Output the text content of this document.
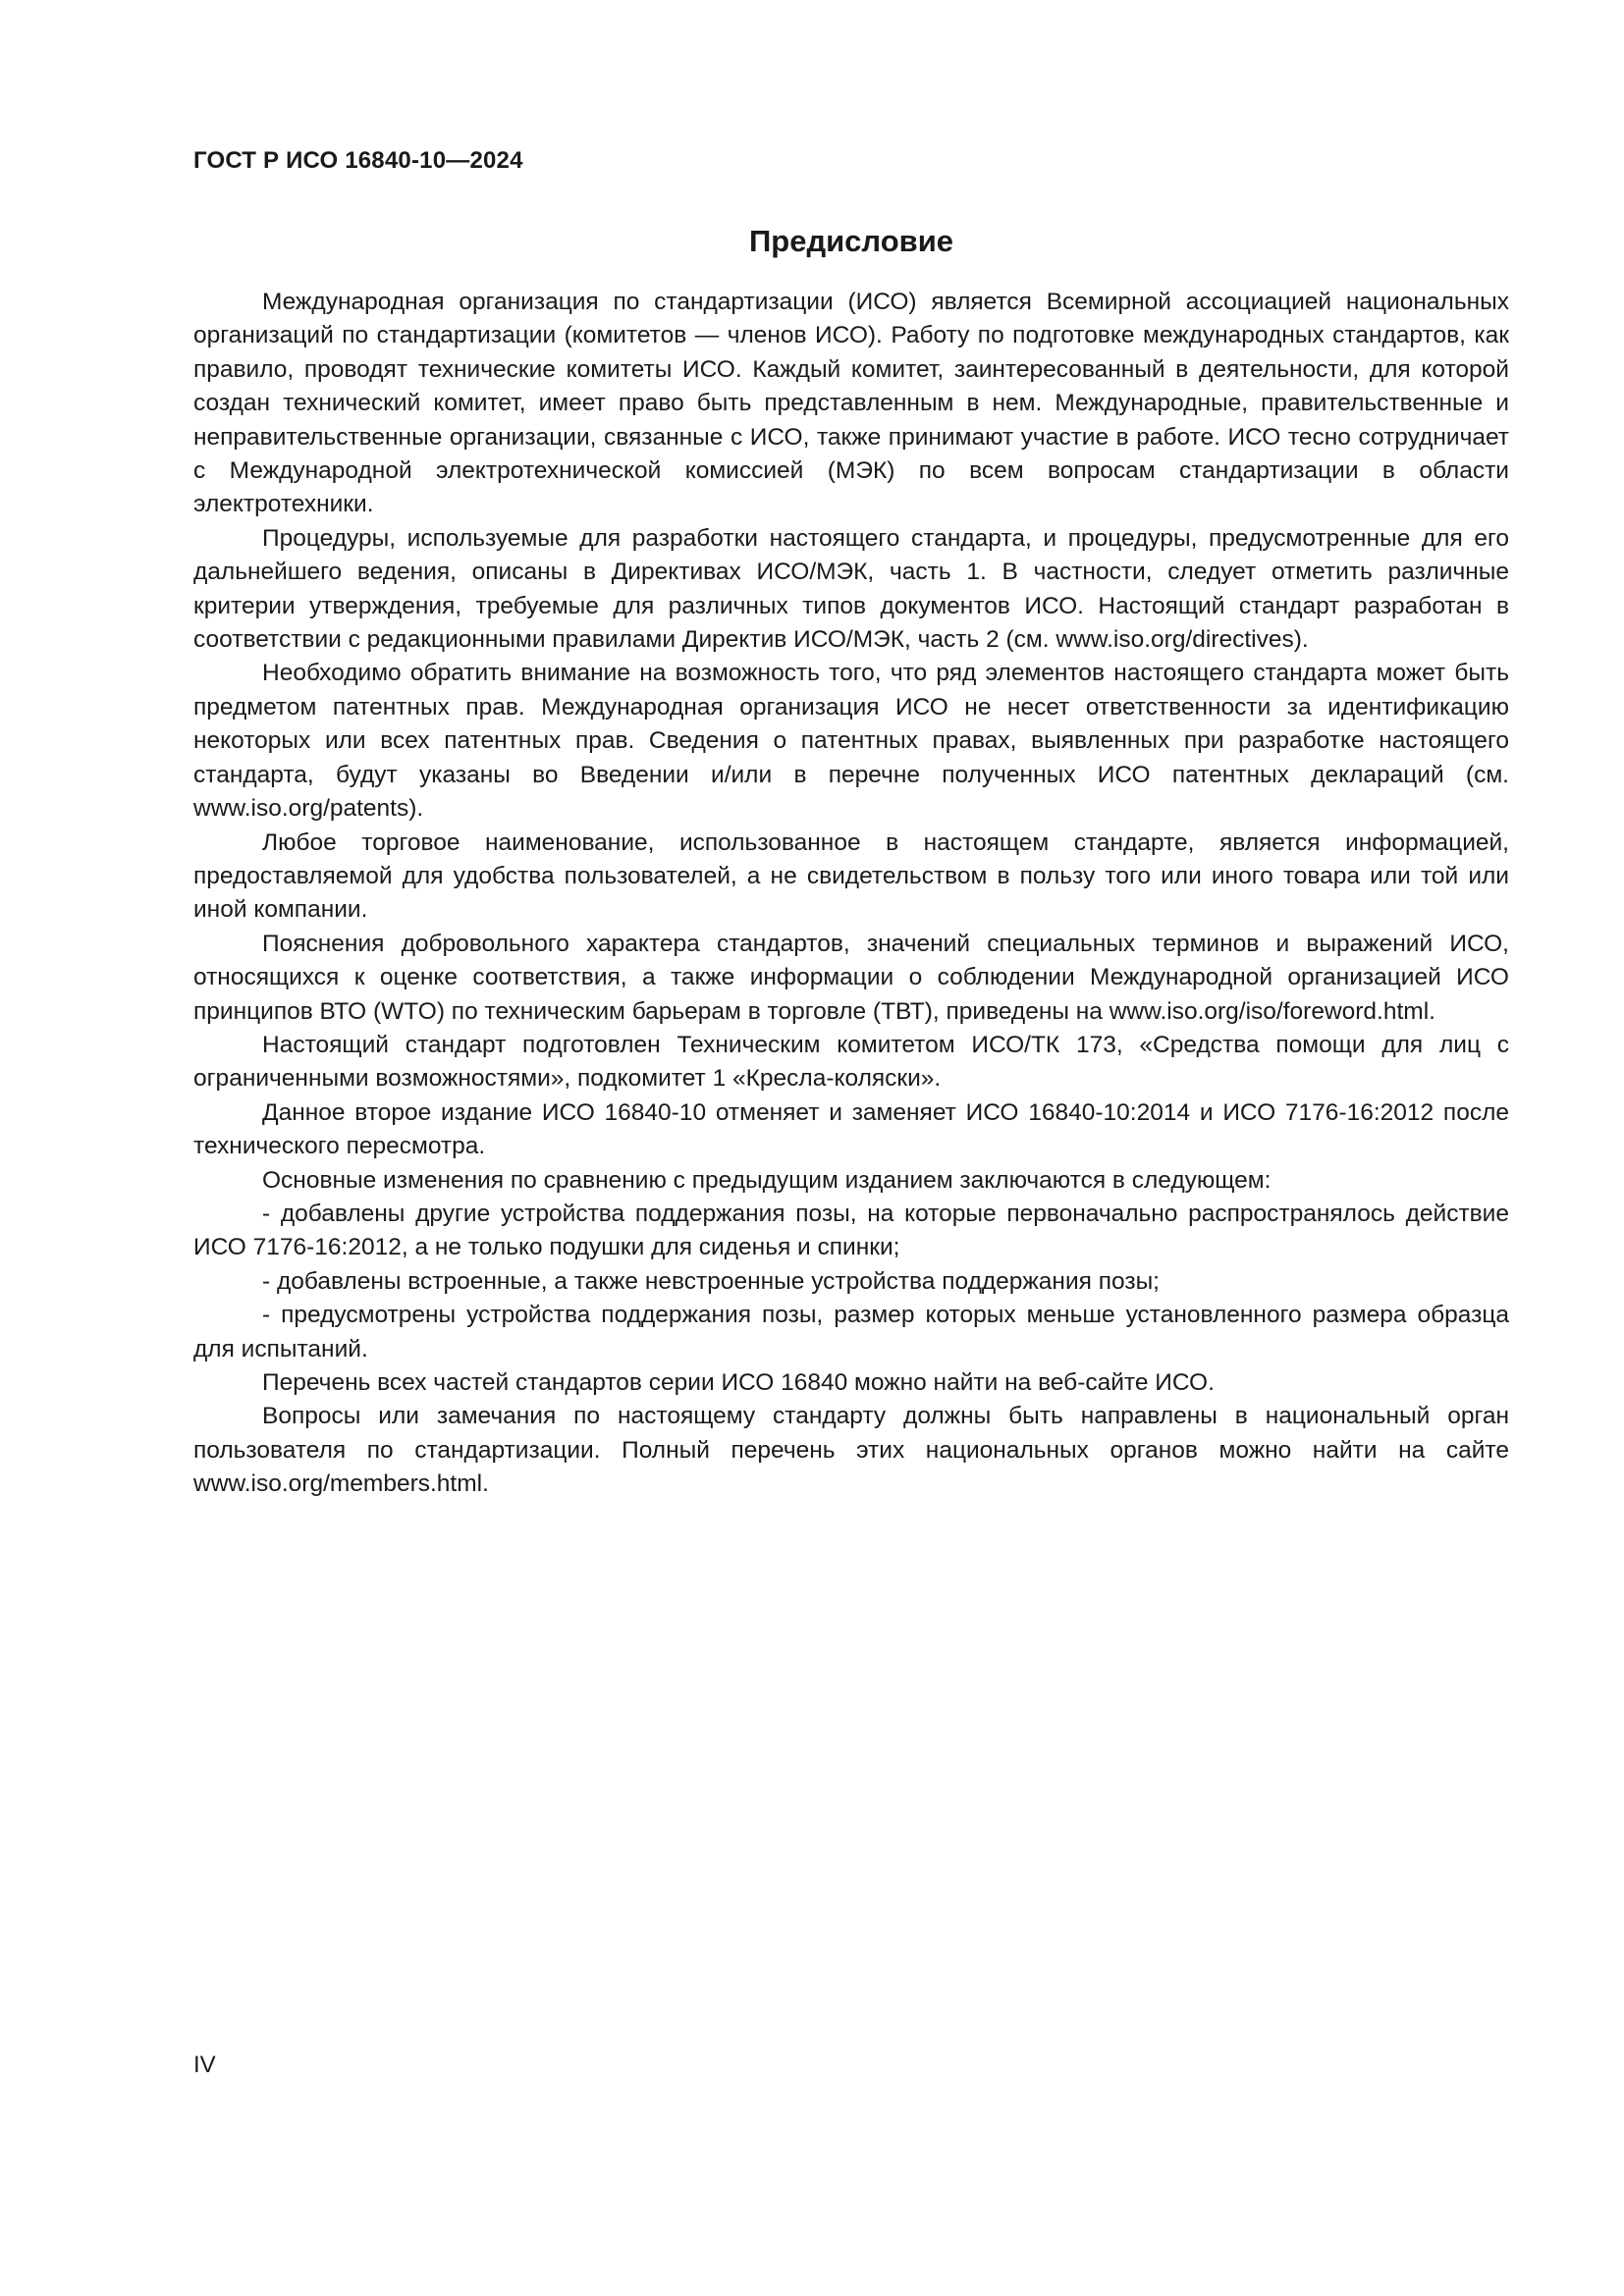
ГОСТ Р ИСО 16840-10—2024
Предисловие

Международная организация по стандартизации (ИСО) является Всемирной ассоциацией национальных организаций по стандартизации (комитетов — членов ИСО). Работу по подготовке международных стандартов, как правило, проводят технические комитеты ИСО. Каждый комитет, заинтересованный в деятельности, для которой создан технический комитет, имеет право быть представленным в нем. Международные, правительственные и неправительственные организации, связанные с ИСО, также принимают участие в работе. ИСО тесно сотрудничает с Международной электротехнической комиссией (МЭК) по всем вопросам стандартизации в области электротехники.

Процедуры, используемые для разработки настоящего стандарта, и процедуры, предусмотренные для его дальнейшего ведения, описаны в Директивах ИСО/МЭК, часть 1. В частности, следует отметить различные критерии утверждения, требуемые для различных типов документов ИСО. Настоящий стандарт разработан в соответствии с редакционными правилами Директив ИСО/МЭК, часть 2 (см. www.iso.org/directives).

Необходимо обратить внимание на возможность того, что ряд элементов настоящего стандарта может быть предметом патентных прав. Международная организация ИСО не несет ответственности за идентификацию некоторых или всех патентных прав. Сведения о патентных правах, выявленных при разработке настоящего стандарта, будут указаны во Введении и/или в перечне полученных ИСО патентных деклараций (см. www.iso.org/patents).

Любое торговое наименование, использованное в настоящем стандарте, является информацией, предоставляемой для удобства пользователей, а не свидетельством в пользу того или иного товара или той или иной компании.

Пояснения добровольного характера стандартов, значений специальных терминов и выражений ИСО, относящихся к оценке соответствия, а также информации о соблюдении Международной организацией ИСО принципов ВТО (WTO) по техническим барьерам в торговле (ТВТ), приведены на www.iso.org/iso/foreword.html.

Настоящий стандарт подготовлен Техническим комитетом ИСО/ТК 173, «Средства помощи для лиц с ограниченными возможностями», подкомитет 1 «Кресла-коляски».

Данное второе издание ИСО 16840-10 отменяет и заменяет ИСО 16840-10:2014 и ИСО 7176-16:2012 после технического пересмотра.

Основные изменения по сравнению с предыдущим изданием заключаются в следующем:

- добавлены другие устройства поддержания позы, на которые первоначально распространялось действие ИСО 7176-16:2012, а не только подушки для сиденья и спинки;

- добавлены встроенные, а также невстроенные устройства поддержания позы;

- предусмотрены устройства поддержания позы, размер которых меньше установленного размера образца для испытаний.

Перечень всех частей стандартов серии ИСО 16840 можно найти на веб-сайте ИСО.

Вопросы или замечания по настоящему стандарту должны быть направлены в национальный орган пользователя по стандартизации. Полный перечень этих национальных органов можно найти на сайте www.iso.org/members.html.

IV
